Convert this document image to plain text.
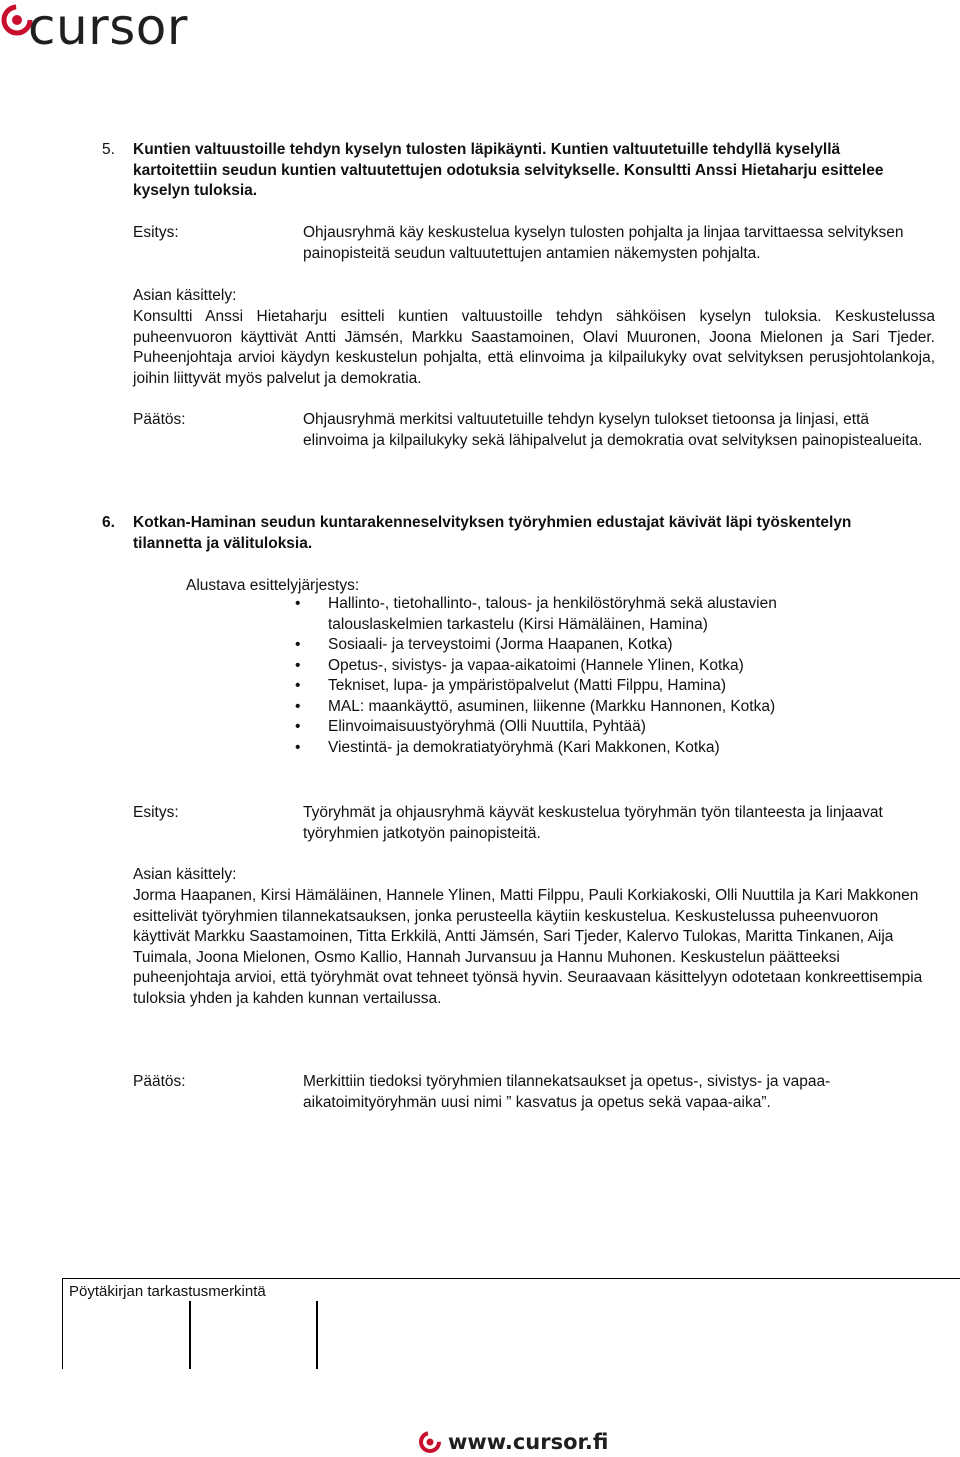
cursor
5. Kuntien valtuustoille tehdyn kyselyn tulosten läpikäynti. Kuntien valtuutetuille tehdyllä kyselyllä kartoitettiin seudun kuntien valtuutettujen odotuksia selvitykselle. Konsultti Anssi Hietaharju esittelee kyselyn tuloksia.
Esitys:	Ohjausryhmä käy keskustelua kyselyn tulosten pohjalta ja linjaa tarvittaessa selvityksen painopisteitä seudun valtuutettujen antamien näkemysten pohjalta.
Asian käsittely:
Konsultti Anssi Hietaharju esitteli kuntien valtuustoille tehdyn sähköisen kyselyn tuloksia. Keskustelussa puheenvuoron käyttivät Antti Jämsén, Markku Saastamoinen, Olavi Muuronen, Joona Mielonen ja Sari Tjeder. Puheenjohtaja arvioi käydyn keskustelun pohjalta, että elinvoima ja kilpailukyky ovat selvityksen perusjohtolankoja, joihin liittyvät myös palvelut ja demokratia.
Päätös:	Ohjausryhmä merkitsi valtuutetuille tehdyn kyselyn tulokset tietoonsa ja linjasi, että elinvoima ja kilpailukyky sekä lähipalvelut ja demokratia ovat selvityksen painopistealueita.
6. Kotkan-Haminan seudun kuntarakenneselvityksen työryhmien edustajat kävivät läpi työskentelyn tilannetta ja välituloksia.
Alustava esittelyjärjestys:
• Hallinto-, tietohallinto-, talous- ja henkilöstöryhmä sekä alustavien talouslaskelmien tarkastelu (Kirsi Hämäläinen, Hamina)
• Sosiaali- ja terveystoimi (Jorma Haapanen, Kotka)
• Opetus-, sivistys- ja vapaa-aikatoimi (Hannele Ylinen, Kotka)
• Tekniset, lupa- ja ympäristöpalvelut (Matti Filppu, Hamina)
• MAL: maankäyttö, asuminen, liikenne (Markku Hannonen, Kotka)
• Elinvoimaisuustyöryhmä (Olli Nuuttila, Pyhtää)
• Viestintä- ja demokratiatyöryhmä (Kari Makkonen, Kotka)
Esitys:	Työryhmät ja ohjausryhmä käyvät keskustelua työryhmän työn tilanteesta ja linjaavat työryhmien jatkotyön painopisteitä.
Asian käsittely:
Jorma Haapanen, Kirsi Hämäläinen, Hannele Ylinen, Matti Filppu, Pauli Korkiakoski, Olli Nuuttila ja Kari Makkonen esittelivät työryhmien tilannekatsauksen, jonka perusteella käytiin keskustelua. Keskustelussa puheenvuoron käyttivät Markku Saastamoinen, Titta Erkkilä, Antti Jämsén, Sari Tjeder, Kalervo Tulokas, Maritta Tinkanen, Aija Tuimala, Joona Mielonen, Osmo Kallio, Hannah Jurvansuu ja Hannu Muhonen. Keskustelun päätteeksi puheenjohtaja arvioi, että työryhmät ovat tehneet työnsä hyvin. Seuraavaan käsittelyyn odotetaan konkreettisempia tuloksia yhden ja kahden kunnan vertailussa.
Päätös:	Merkittiin tiedoksi työryhmien tilannekatsaukset ja opetus-, sivistys- ja vapaa-aikatoimityöryhmän uusi nimi ” kasvatus ja opetus sekä vapaa-aika”.
Pöytäkirjan tarkastusmerkintä
www.cursor.fi
